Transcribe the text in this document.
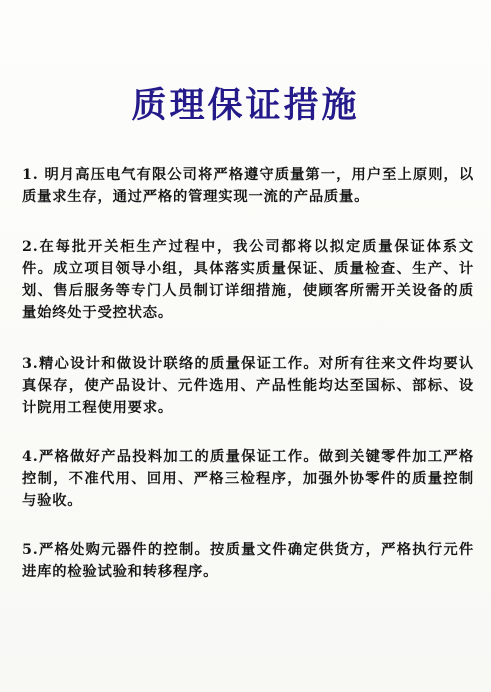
质理保证措施

1. 明月高压电气有限公司将严格遵守质量第一，用户至上原则，以质量求生存，通过严格的管理实现一流的产品质量。

2.在每批开关柜生产过程中，我公司都将以拟定质量保证体系文件。成立项目领导小组，具体落实质量保证、质量检查、生产、计划、售后服务等专门人员制订详细措施，使顾客所需开关设备的质量始终处于受控状态。

3.精心设计和做设计联络的质量保证工作。对所有往来文件均要认真保存，使产品设计、元件选用、产品性能均达至国标、部标、设计院用工程使用要求。

4.严格做好产品投料加工的质量保证工作。做到关键零件加工严格控制，不准代用、回用、严格三检程序，加强外协零件的质量控制与验收。

5.严格处购元器件的控制。按质量文件确定供货方，严格执行元件进库的检验试验和转移程序。
